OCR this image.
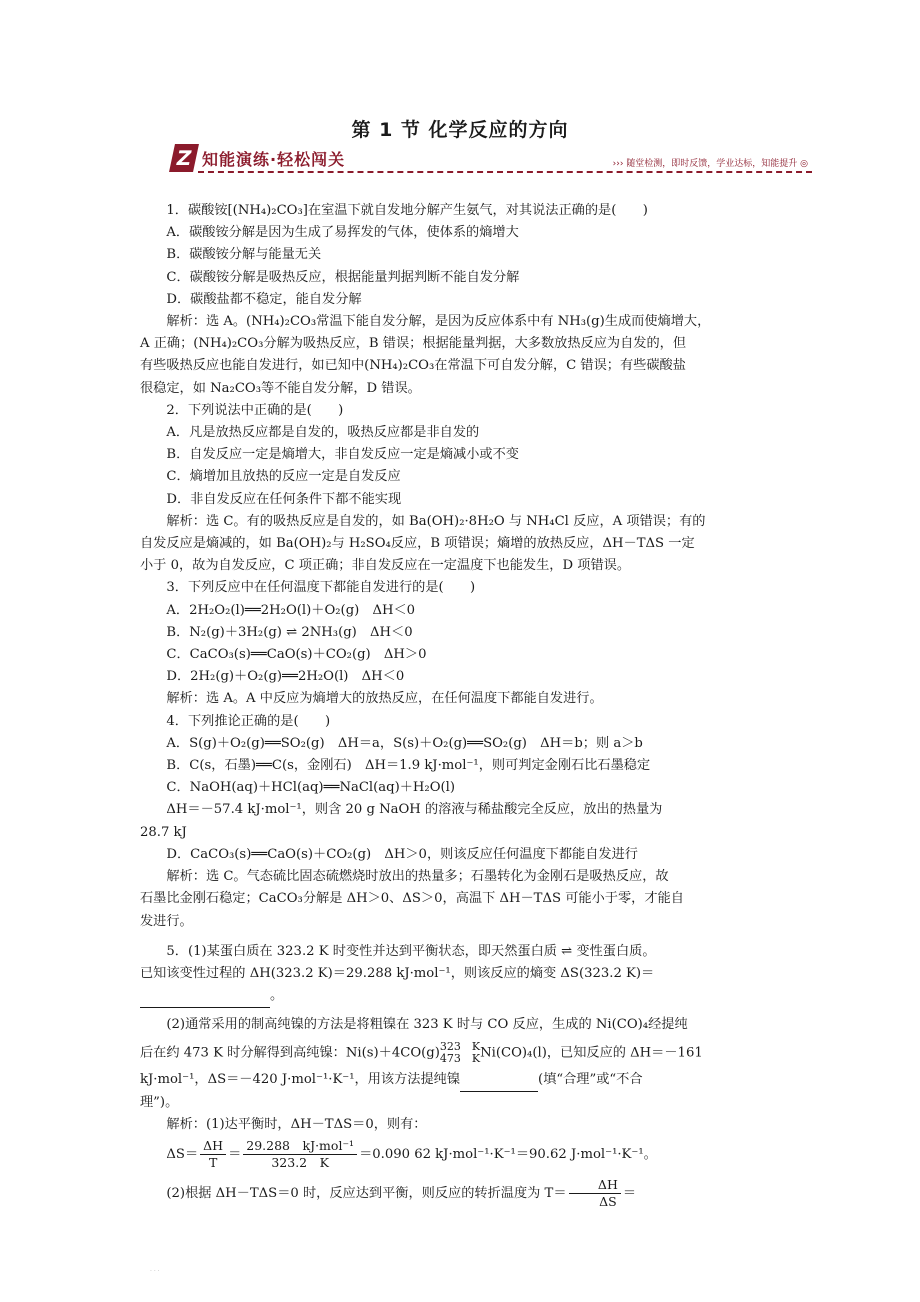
第 1 节 化学反应的方向
Z 知能演练·轻松闯关	››› 随堂检测，即时反馈，学业达标，知能提升 ◎

1．碳酸铵[(NH₄)₂CO₃]在室温下就自发地分解产生氨气，对其说法正确的是(　　)

A．碳酸铵分解是因为生成了易挥发的气体，使体系的熵增大

B．碳酸铵分解与能量无关

C．碳酸铵分解是吸热反应，根据能量判据判断不能自发分解

D．碳酸盐都不稳定，能自发分解

解析：选 A。(NH₄)₂CO₃常温下能自发分解，是因为反应体系中有 NH₃(g)生成而使熵增大，

A 正确；(NH₄)₂CO₃分解为吸热反应，B 错误；根据能量判据，大多数放热反应为自发的，但

有些吸热反应也能自发进行，如已知中(NH₄)₂CO₃在常温下可自发分解，C 错误；有些碳酸盐

很稳定，如 Na₂CO₃等不能自发分解，D 错误。

2．下列说法中正确的是(　　)

A．凡是放热反应都是自发的，吸热反应都是非自发的

B．自发反应一定是熵增大，非自发反应一定是熵减小或不变

C．熵增加且放热的反应一定是自发反应

D．非自发反应在任何条件下都不能实现

解析：选 C。有的吸热反应是自发的，如 Ba(OH)₂·8H₂O 与 NH₄Cl 反应，A 项错误；有的

自发反应是熵减的，如 Ba(OH)₂与 H₂SO₄反应，B 项错误；熵增的放热反应，ΔH－TΔS 一定

小于 0，故为自发反应，C 项正确；非自发反应在一定温度下也能发生，D 项错误。

3．下列反应中在任何温度下都能自发进行的是(　　)

A．2H₂O₂(l)══2H₂O(l)＋O₂(g)　ΔH＜0

B．N₂(g)＋3H₂(g) ⇌ 2NH₃(g)　ΔH＜0

C．CaCO₃(s)══CaO(s)＋CO₂(g)　ΔH＞0

D．2H₂(g)＋O₂(g)══2H₂O(l)　ΔH＜0

解析：选 A。A 中反应为熵增大的放热反应，在任何温度下都能自发进行。

4．下列推论正确的是(　　)

A．S(g)＋O₂(g)══SO₂(g)　ΔH＝a，S(s)＋O₂(g)══SO₂(g)　ΔH＝b；则 a＞b

B．C(s，石墨)══C(s，金刚石)　ΔH＝1.9 kJ·mol⁻¹，则可判定金刚石比石墨稳定

C．NaOH(aq)＋HCl(aq)══NaCl(aq)＋H₂O(l)

ΔH＝－57.4 kJ·mol⁻¹，则含 20 g NaOH 的溶液与稀盐酸完全反应，放出的热量为

28.7 kJ

D．CaCO₃(s)══CaO(s)＋CO₂(g)　ΔH＞0，则该反应任何温度下都能自发进行

解析：选 C。气态硫比固态硫燃烧时放出的热量多；石墨转化为金刚石是吸热反应，故

石墨比金刚石稳定；CaCO₃分解是 ΔH＞0、ΔS＞0，高温下 ΔH－TΔS 可能小于零，才能自

发进行。

5．(1)某蛋白质在 323.2 K 时变性并达到平衡状态，即天然蛋白质 ⇌ 变性蛋白质。

已知该变性过程的 ΔH(323.2 K)＝29.288 kJ·mol⁻¹，则该反应的熵变 ΔS(323.2 K)＝

。

(2)通常采用的制高纯镍的方法是将粗镍在 323 K 时与 CO 反应，生成的 Ni(CO)₄经提纯

后在约 473 K 时分解得到高纯镍：Ni(s)＋4CO(g) 323　K
473　K Ni(CO)₄(l)，已知反应的 ΔH＝－161

kJ·mol⁻¹，ΔS＝－420 J·mol⁻¹·K⁻¹，用该方法提纯镍	(填“合理”或“不合

理”)。

解析：(1)达平衡时，ΔH－TΔS＝0，则有：

$\Delta S= \frac{\Delta H}{T} = \frac{\text{29.288　kJ·mol⁻¹}}{323.2 K} =0.090$ 62 kJ·mol⁻¹·K⁻¹＝90.62 J·mol⁻¹·K⁻¹。

(2)根据 ΔH－TΔS＝0 时，反应达到平衡，则反应的转折温度为 $T= \frac{\Delta H}{\Delta S}$ ＝

· · ·
